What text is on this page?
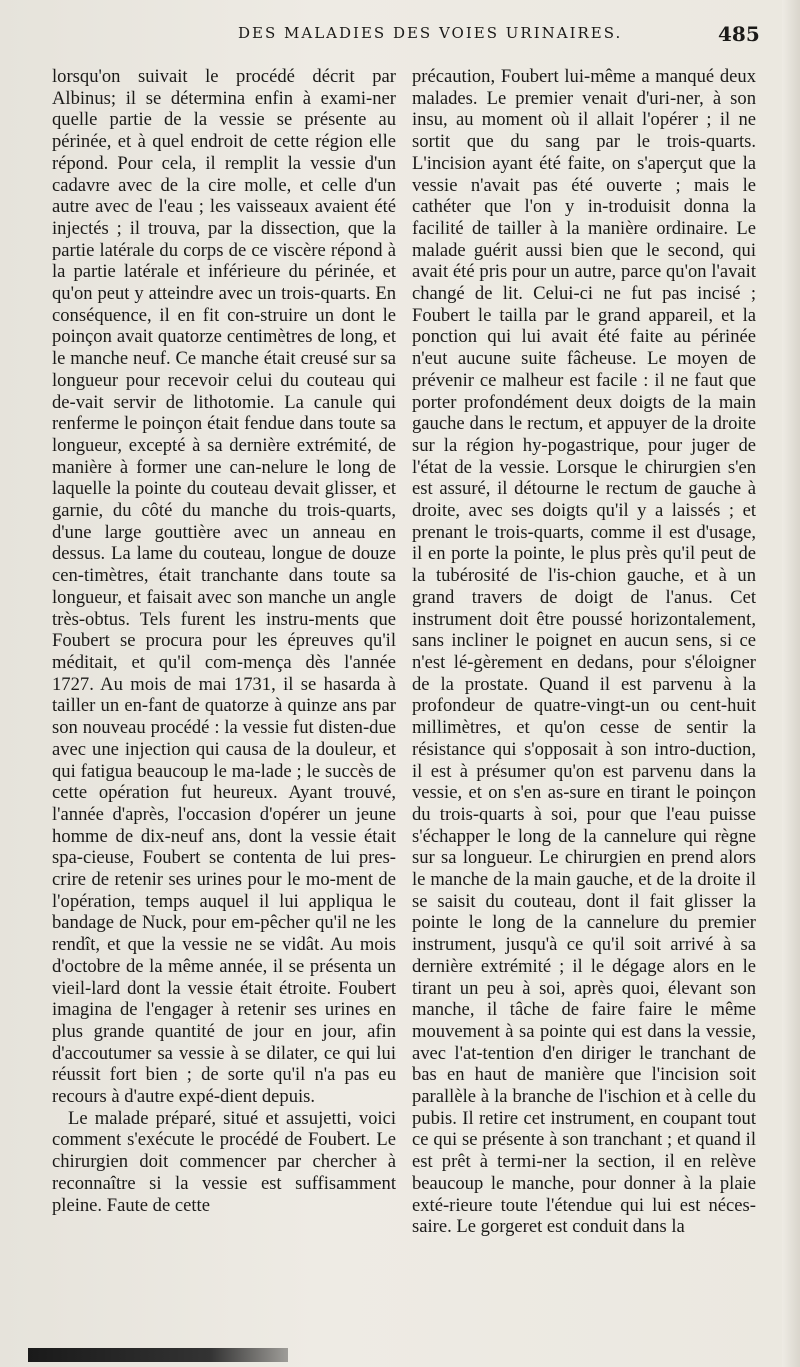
DES MALADIES DES VOIES URINAIRES.	485

lorsqu'on suivait le procédé décrit par Albinus; il se détermina enfin à exami-ner quelle partie de la vessie se présente au périnée, et à quel endroit de cette région elle répond. Pour cela, il remplit la vessie d'un cadavre avec de la cire molle, et celle d'un autre avec de l'eau ; les vaisseaux avaient été injectés ; il trouva, par la dissection, que la partie latérale du corps de ce viscère répond à la partie latérale et inférieure du périnée, et qu'on peut y atteindre avec un trois-quarts. En conséquence, il en fit con-struire un dont le poinçon avait quatorze centimètres de long, et le manche neuf. Ce manche était creusé sur sa longueur pour recevoir celui du couteau qui de-vait servir de lithotomie. La canule qui renferme le poinçon était fendue dans toute sa longueur, excepté à sa dernière extrémité, de manière à former une can-nelure le long de laquelle la pointe du couteau devait glisser, et garnie, du côté du manche du trois-quarts, d'une large gouttière avec un anneau en dessus. La lame du couteau, longue de douze cen-timètres, était tranchante dans toute sa longueur, et faisait avec son manche un angle très-obtus. Tels furent les instru-ments que Foubert se procura pour les épreuves qu'il méditait, et qu'il com-mença dès l'année 1727. Au mois de mai 1731, il se hasarda à tailler un en-fant de quatorze à quinze ans par son nouveau procédé : la vessie fut disten-due avec une injection qui causa de la douleur, et qui fatigua beaucoup le ma-lade ; le succès de cette opération fut heureux. Ayant trouvé, l'année d'après, l'occasion d'opérer un jeune homme de dix-neuf ans, dont la vessie était spa-cieuse, Foubert se contenta de lui pres-crire de retenir ses urines pour le mo-ment de l'opération, temps auquel il lui appliqua le bandage de Nuck, pour em-pêcher qu'il ne les rendît, et que la vessie ne se vidât. Au mois d'octobre de la même année, il se présenta un vieil-lard dont la vessie était étroite. Foubert imagina de l'engager à retenir ses urines en plus grande quantité de jour en jour, afin d'accoutumer sa vessie à se dilater, ce qui lui réussit fort bien ; de sorte qu'il n'a pas eu recours à d'autre expé-dient depuis.

Le malade préparé, situé et assujetti, voici comment s'exécute le procédé de Foubert. Le chirurgien doit commencer par chercher à reconnaître si la vessie est suffisamment pleine. Faute de cette

précaution, Foubert lui-même a manqué deux malades. Le premier venait d'uri-ner, à son insu, au moment où il allait l'opérer ; il ne sortit que du sang par le trois-quarts. L'incision ayant été faite, on s'aperçut que la vessie n'avait pas été ouverte ; mais le cathéter que l'on y in-troduisit donna la facilité de tailler à la manière ordinaire. Le malade guérit aussi bien que le second, qui avait été pris pour un autre, parce qu'on l'avait changé de lit. Celui-ci ne fut pas incisé ; Foubert le tailla par le grand appareil, et la ponction qui lui avait été faite au périnée n'eut aucune suite fâcheuse. Le moyen de prévenir ce malheur est facile : il ne faut que porter profondément deux doigts de la main gauche dans le rectum, et appuyer de la droite sur la région hy-pogastrique, pour juger de l'état de la vessie. Lorsque le chirurgien s'en est assuré, il détourne le rectum de gauche à droite, avec ses doigts qu'il y a laissés ; et prenant le trois-quarts, comme il est d'usage, il en porte la pointe, le plus près qu'il peut de la tubérosité de l'is-chion gauche, et à un grand travers de doigt de l'anus. Cet instrument doit être poussé horizontalement, sans incliner le poignet en aucun sens, si ce n'est lé-gèrement en dedans, pour s'éloigner de la prostate. Quand il est parvenu à la profondeur de quatre-vingt-un ou cent-huit millimètres, et qu'on cesse de sentir la résistance qui s'opposait à son intro-duction, il est à présumer qu'on est parvenu dans la vessie, et on s'en as-sure en tirant le poinçon du trois-quarts à soi, pour que l'eau puisse s'échapper le long de la cannelure qui règne sur sa longueur. Le chirurgien en prend alors le manche de la main gauche, et de la droite il se saisit du couteau, dont il fait glisser la pointe le long de la cannelure du premier instrument, jusqu'à ce qu'il soit arrivé à sa dernière extrémité ; il le dégage alors en le tirant un peu à soi, après quoi, élevant son manche, il tâche de faire faire le même mouvement à sa pointe qui est dans la vessie, avec l'at-tention d'en diriger le tranchant de bas en haut de manière que l'incision soit parallèle à la branche de l'ischion et à celle du pubis. Il retire cet instrument, en coupant tout ce qui se présente à son tranchant ; et quand il est prêt à termi-ner la section, il en relève beaucoup le manche, pour donner à la plaie exté-rieure toute l'étendue qui lui est néces-saire. Le gorgeret est conduit dans la
